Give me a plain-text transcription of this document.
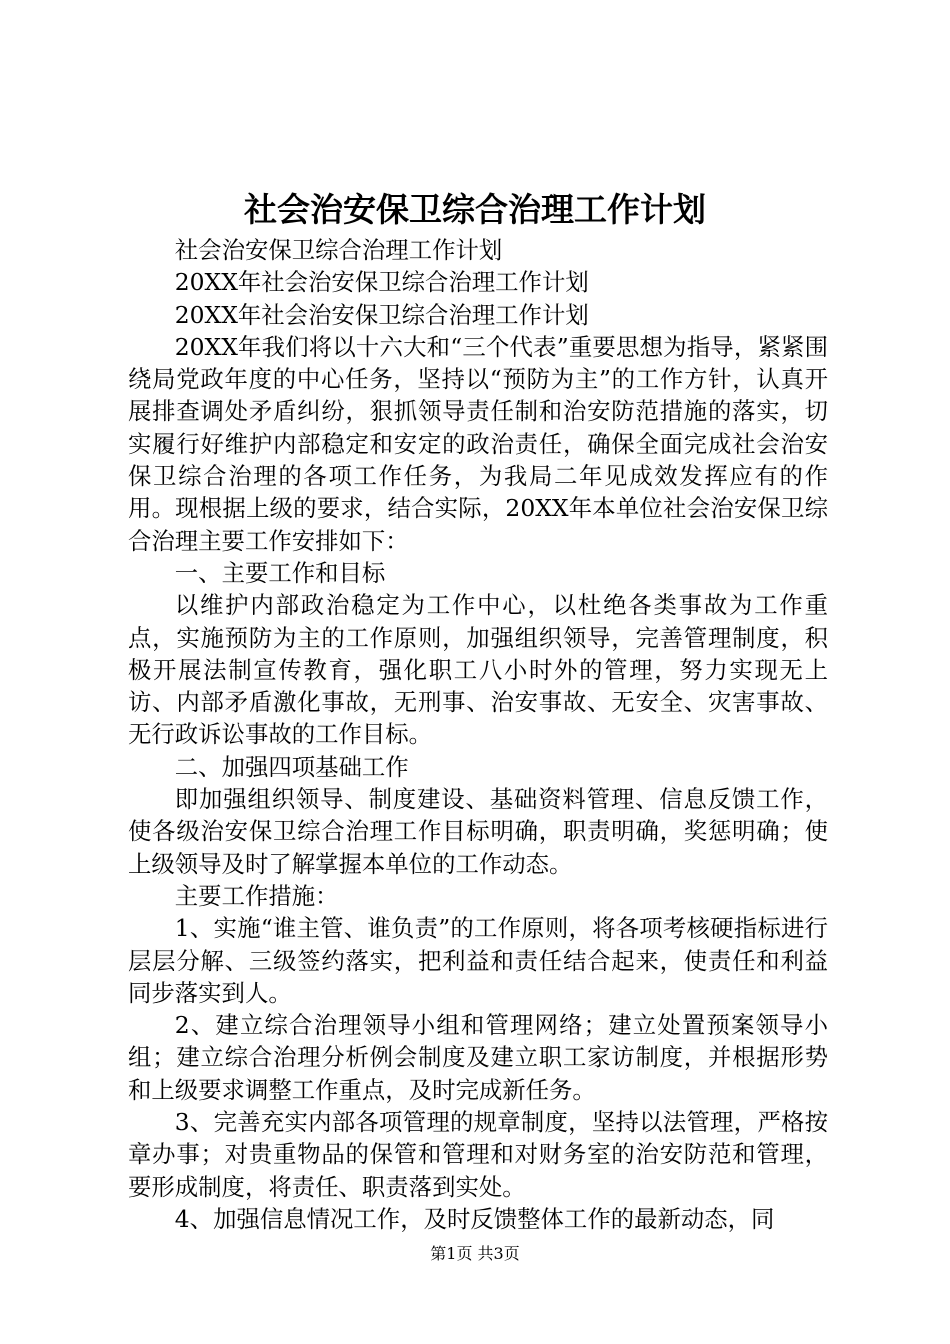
社会治安保卫综合治理工作计划

社会治安保卫综合治理工作计划

20XX年社会治安保卫综合治理工作计划

20XX年社会治安保卫综合治理工作计划

20XX年我们将以十六大和“三个代表”重要思想为指导，紧紧围绕局党政年度的中心任务，坚持以“预防为主”的工作方针，认真开展排查调处矛盾纠纷，狠抓领导责任制和治安防范措施的落实，切实履行好维护内部稳定和安定的政治责任，确保全面完成社会治安保卫综合治理的各项工作任务，为我局二年见成效发挥应有的作用。现根据上级的要求，结合实际，20XX年本单位社会治安保卫综合治理主要工作安排如下：

一、主要工作和目标

以维护内部政治稳定为工作中心，以杜绝各类事故为工作重点，实施预防为主的工作原则，加强组织领导，完善管理制度，积极开展法制宣传教育，强化职工八小时外的管理，努力实现无上访、内部矛盾激化事故，无刑事、治安事故、无安全、灾害事故、无行政诉讼事故的工作目标。

二、加强四项基础工作

即加强组织领导、制度建设、基础资料管理、信息反馈工作，使各级治安保卫综合治理工作目标明确，职责明确，奖惩明确；使上级领导及时了解掌握本单位的工作动态。

主要工作措施：

1、实施“谁主管、谁负责”的工作原则，将各项考核硬指标进行层层分解、三级签约落实，把利益和责任结合起来，使责任和利益同步落实到人。

2、建立综合治理领导小组和管理网络；建立处置预案领导小组；建立综合治理分析例会制度及建立职工家访制度，并根据形势和上级要求调整工作重点，及时完成新任务。

3、完善充实内部各项管理的规章制度，坚持以法管理，严格按章办事；对贵重物品的保管和管理和对财务室的治安防范和管理，要形成制度，将责任、职责落到实处。

4、加强信息情况工作，及时反馈整体工作的最新动态，同

第1页 共3页
